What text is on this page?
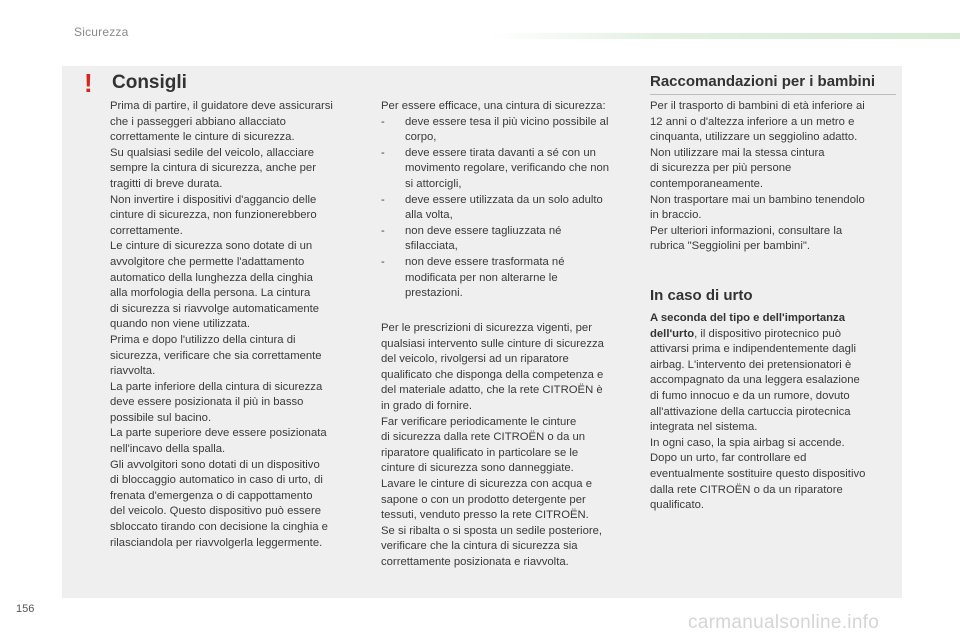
Sicurezza
! Consigli
Prima di partire, il guidatore deve assicurarsi
che i passeggeri abbiano allacciato
correttamente le cinture di sicurezza.
Su qualsiasi sedile del veicolo, allacciare
sempre la cintura di sicurezza, anche per
tragitti di breve durata.
Non invertire i dispositivi d'aggancio delle
cinture di sicurezza, non funzionerebbero
correttamente.
Le cinture di sicurezza sono dotate di un
avvolgitore che permette l'adattamento
automatico della lunghezza della cinghia
alla morfologia della persona. La cintura
di sicurezza si riavvolge automaticamente
quando non viene utilizzata.
Prima e dopo l'utilizzo della cintura di
sicurezza, verificare che sia correttamente
riavvolta.
La parte inferiore della cintura di sicurezza
deve essere posizionata il più in basso
possibile sul bacino.
La parte superiore deve essere posizionata
nell'incavo della spalla.
Gli avvolgitori sono dotati di un dispositivo
di bloccaggio automatico in caso di urto, di
frenata d'emergenza o di cappottamento
del veicolo. Questo dispositivo può essere
sbloccato tirando con decisione la cinghia e
rilasciandola per riavvolgerla leggermente.
Per essere efficace, una cintura di sicurezza:
- deve essere tesa il più vicino possibile al
corpo,
- deve essere tirata davanti a sé con un
movimento regolare, verificando che non
si attorcigli,
- deve essere utilizzata da un solo adulto
alla volta,
- non deve essere tagliuzzata né
sfilacciata,
- non deve essere trasformata né
modificata per non alterarne le
prestazioni.
Per le prescrizioni di sicurezza vigenti, per
qualsiasi intervento sulle cinture di sicurezza
del veicolo, rivolgersi ad un riparatore
qualificato che disponga della competenza e
del materiale adatto, che la rete CITROËN è
in grado di fornire.
Far verificare periodicamente le cinture
di sicurezza dalla rete CITROËN o da un
riparatore qualificato in particolare se le
cinture di sicurezza sono danneggiate.
Lavare le cinture di sicurezza con acqua e
sapone o con un prodotto detergente per
tessuti, venduto presso la rete CITROËN.
Se si ribalta o si sposta un sedile posteriore,
verificare che la cintura di sicurezza sia
correttamente posizionata e riavvolta.
Raccomandazioni per i bambini
Per il trasporto di bambini di età inferiore ai
12 anni o d'altezza inferiore a un metro e
cinquanta, utilizzare un seggiolino adatto.
Non utilizzare mai la stessa cintura
di sicurezza per più persone
contemporaneamente.
Non trasportare mai un bambino tenendolo
in braccio.
Per ulteriori informazioni, consultare la
rubrica "Seggiolini per bambini".
In caso di urto
A seconda del tipo e dell'importanza
dell'urto, il dispositivo pirotecnico può
attivarsi prima e indipendentemente dagli
airbag. L'intervento dei pretensionatori è
accompagnato da una leggera esalazione
di fumo innocuo e da un rumore, dovuto
all'attivazione della cartuccia pirotecnica
integrata nel sistema.
In ogni caso, la spia airbag si accende.
Dopo un urto, far controllare ed
eventualmente sostituire questo dispositivo
dalla rete CITROËN o da un riparatore
qualificato.
156
carmanualsonline.info
